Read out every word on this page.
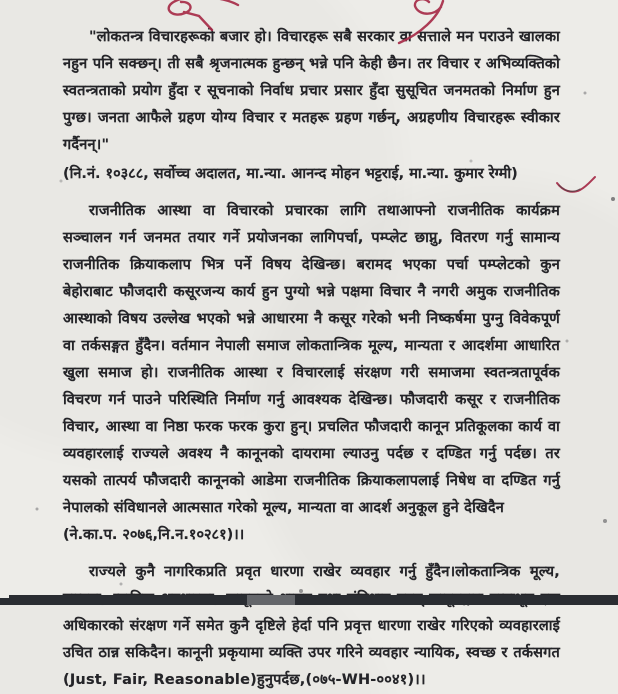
"लोकतन्त्र विचारहरूको बजार हो। विचारहरू सबै सरकार वा सत्ताले मन पराउने खालका नहुन पनि सक्छन्। ती सबै श्रृजनात्मक हुन्छन् भन्ने पनि केही छैन। तर विचार र अभिव्यक्तिको स्वतन्त्रताको प्रयोग हुँदा र सूचनाको निर्वाध प्रचार प्रसार हुँदा सुसूचित जनमतको निर्माण हुन पुग्छ। जनता आफैले ग्रहण योग्य विचार र मतहरू ग्रहण गर्छन्, अग्रहणीय विचारहरू स्वीकार गर्दैनन्।"

(नि.नं. १०३८८, सर्वोच्च अदालत, मा.न्या. आनन्द मोहन भट्टराई, मा.न्या. कुमार रेग्मी)

राजनीतिक आस्था वा विचारको प्रचारका लागि तथाआफ्नो राजनीतिक कार्यक्रम सञ्चालन गर्न जनमत तयार गर्ने प्रयोजनका लागिपर्चा, पम्प्लेट छाप्नु, वितरण गर्नु सामान्य राजनीतिक क्रियाकलाप भित्र पर्ने विषय देखिन्छ। बरामद भएका पर्चा पम्प्लेटको कुन बेहोराबाट फौजदारी कसूरजन्य कार्य हुन पुग्यो भन्ने पक्षमा विचार नै नगरी अमुक राजनीतिक आस्थाको विषय उल्लेख भएको भन्ने आधारमा नै कसूर गरेको भनी निष्कर्षमा पुग्नु विवेकपूर्ण वा तर्कसङ्गत हुँदैन। वर्तमान नेपाली समाज लोकतान्त्रिक मूल्य, मान्यता र आदर्शमा आधारित खुला समाज हो। राजनीतिक आस्था र विचारलाई संरक्षण गरी समाजमा स्वतन्त्रतापूर्वक विचरण गर्न पाउने परिस्थिति निर्माण गर्नु आवश्यक देखिन्छ। फौजदारी कसूर र राजनीतिक विचार, आस्था वा निष्ठा फरक फरक कुरा हुन्। प्रचलित फौजदारी कानून प्रतिकूलका कार्य वा व्यवहारलाई राज्यले अवश्य नै कानूनको दायरामा ल्याउनु पर्दछ र दण्डित गर्नु पर्दछ। तर यसको तात्पर्य फौजदारी कानूनको आडेमा राजनीतिक क्रियाकलापलाई निषेध वा दण्डित गर्नु नेपालको संविधानले आत्मसात गरेको मूल्य, मान्यता वा आदर्श अनुकूल हुने देखिदैन

(ने.का.प. २०७६,नि.न.१०२८१)।।

राज्यले कुनै नागरिकप्रति प्रवृत धारणा राखेर व्यवहार गर्नु हुँदैन।लोकतान्त्रिक मूल्य, अधिकारको संरक्षण गर्ने समेत कुनै दृष्टिले हेर्दा पनि प्रवृत्त धारणा राखेर गरिएको व्यवहारलाई उचित ठान्न सकिदैन। कानूनी प्रकृयामा व्यक्ति उपर गरिने व्यवहार न्यायिक, स्वच्छ र तर्कसगत (Just, Fair, Reasonable)हुनुपर्दछ,(०७५-WH-००४१)।।
